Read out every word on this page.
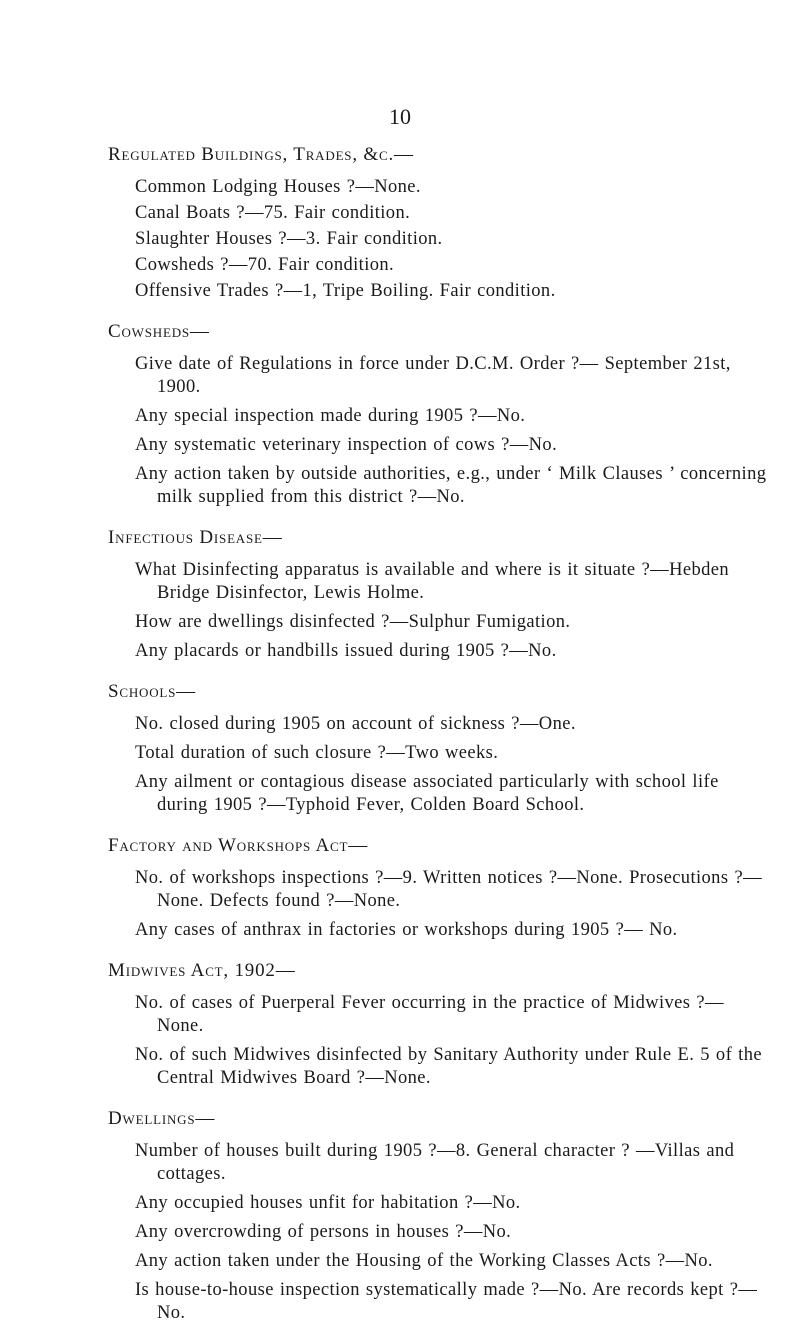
10
Regulated Buildings, Trades, &c.—
Common Lodging Houses ?—None.
Canal Boats ?—75. Fair condition.
Slaughter Houses ?—3. Fair condition.
Cowsheds ?—70. Fair condition.
Offensive Trades ?—1, Tripe Boiling. Fair condition.
Cowsheds—
Give date of Regulations in force under D.C.M. Order ?— September 21st, 1900.
Any special inspection made during 1905 ?—No.
Any systematic veterinary inspection of cows ?—No.
Any action taken by outside authorities, e.g., under ‘ Milk Clauses ’ concerning milk supplied from this district ?—No.
Infectious Disease—
What Disinfecting apparatus is available and where is it situate ?—Hebden Bridge Disinfector, Lewis Holme.
How are dwellings disinfected ?—Sulphur Fumigation.
Any placards or handbills issued during 1905 ?—No.
Schools—
No. closed during 1905 on account of sickness ?—One.
Total duration of such closure ?—Two weeks.
Any ailment or contagious disease associated particularly with school life during 1905 ?—Typhoid Fever, Colden Board School.
Factory and Workshops Act—
No. of workshops inspections ?—9. Written notices ?—None. Prosecutions ?—None. Defects found ?—None.
Any cases of anthrax in factories or workshops during 1905 ?— No.
Midwives Act, 1902—
No. of cases of Puerperal Fever occurring in the practice of Midwives ?—None.
No. of such Midwives disinfected by Sanitary Authority under Rule E. 5 of the Central Midwives Board ?—None.
Dwellings—
Number of houses built during 1905 ?—8. General character ? —Villas and cottages.
Any occupied houses unfit for habitation ?—No.
Any overcrowding of persons in houses ?—No.
Any action taken under the Housing of the Working Classes Acts ?—No.
Is house-to-house inspection systematically made ?—No. Are records kept ?—No.
